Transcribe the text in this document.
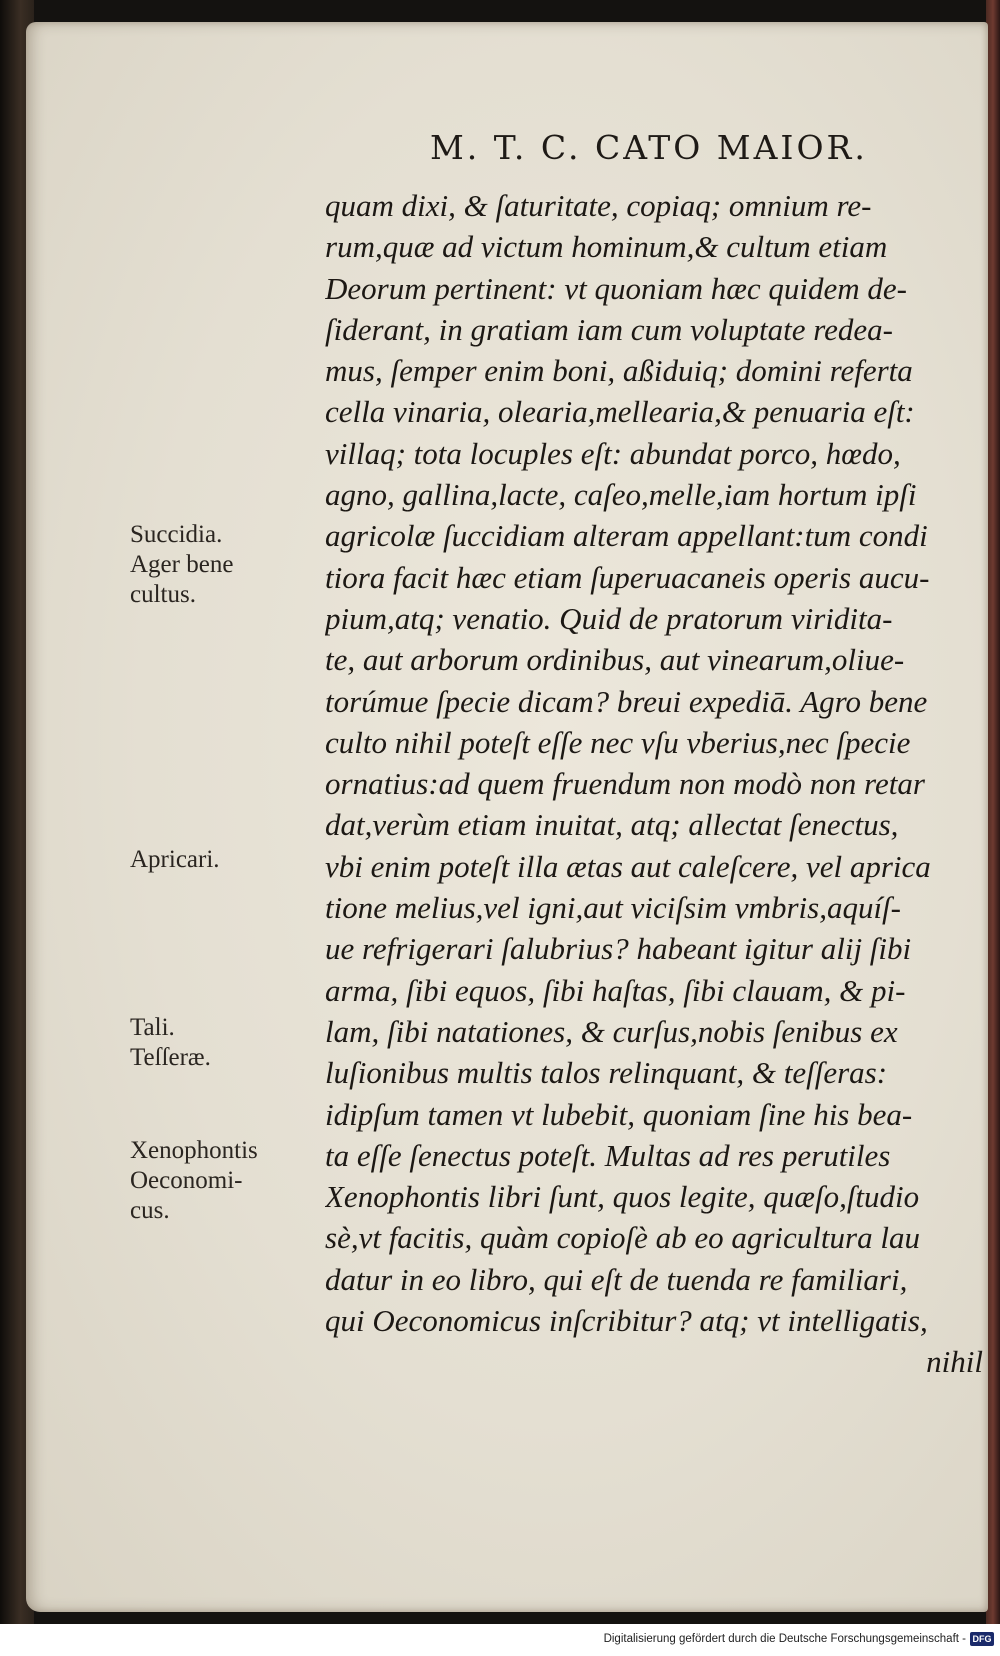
M. T. C. CATO MAIOR.
quam dixi, & ſaturitate, copiaq; omnium re-
rum,quæ ad victum hominum,& cultum etiam
Deorum pertinent: vt quoniam hæc quidem de-
ſiderant, in gratiam iam cum voluptate redea-
mus, ſemper enim boni, aßiduiq; domini referta
cella vinaria, olearia,mellearia,& penuaria eſt:
villaq; tota locuples eſt: abundat porco, hœdo,
agno, gallina,lacte, caſeo,melle,iam hortum ipſi
agricolæ ſuccidiam alteram appellant:tum condi
tiora facit hæc etiam ſuperuacaneis operis aucu-
pium,atq; venatio. Quid de pratorum viridita-
te, aut arborum ordinibus, aut vinearum,oliue-
torúmue ſpecie dicam? breui expediā. Agro bene
culto nihil poteſt eſſe nec vſu vberius,nec ſpecie
ornatius:ad quem fruendum non modò non retar
dat,verùm etiam inuitat, atq; allectat ſenectus,
vbi enim poteſt illa ætas aut caleſcere, vel aprica
tione melius,vel igni,aut viciſsim vmbris,aquíſ-
ue refrigerari ſalubrius? habeant igitur alij ſibi
arma, ſibi equos, ſibi haſtas, ſibi clauam, & pi-
lam, ſibi natationes, & curſus,nobis ſenibus ex
luſionibus multis talos relinquant, & teſſeras:
idipſum tamen vt lubebit, quoniam ſine his bea-
ta eſſe ſenectus poteſt. Multas ad res perutiles
Xenophontis libri ſunt, quos legite, quæſo,ſtudio
sè,vt facitis, quàm copioſè ab eo agricultura lau
datur in eo libro, qui eſt de tuenda re familiari,
qui Oeconomicus inſcribitur? atq; vt intelligatis,
nihil
Succidia.
Ager bene
cultus.
Apricari.
Tali.
Teſſeræ.
Xenophontis
Oeconomi-
cus.
Digitalisierung gefördert durch die Deutsche Forschungsgemeinschaft - DFG
